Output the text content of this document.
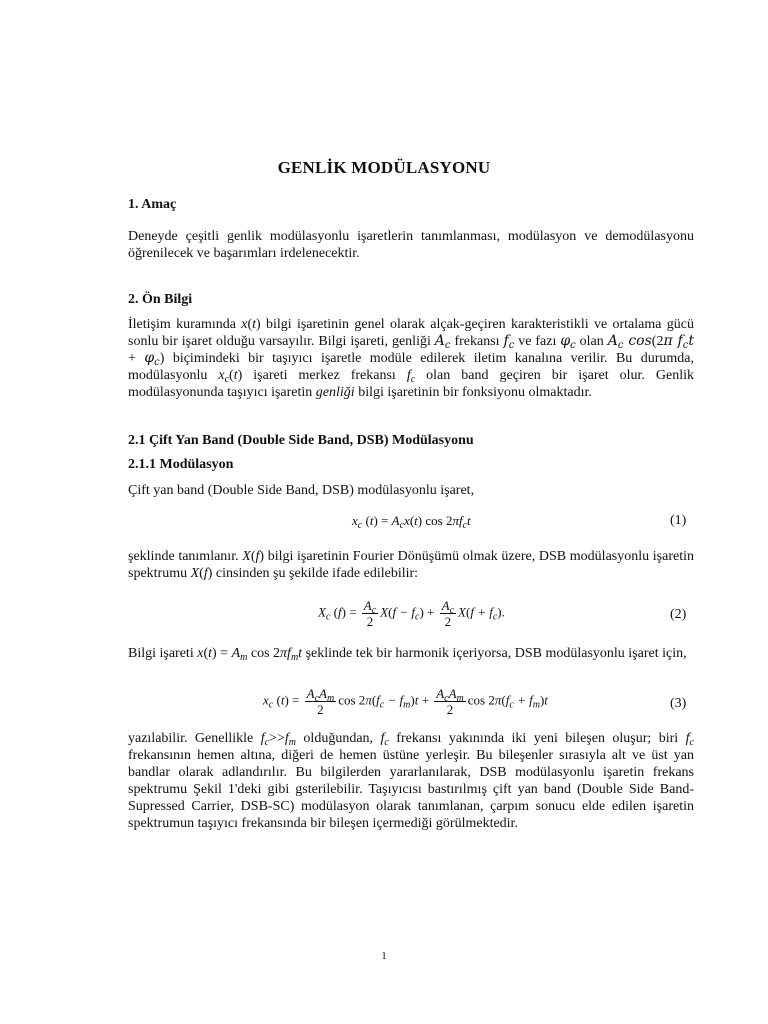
GENLİK MODÜLASYONU
1. Amaç
Deneyde çeşitli genlik modülasyonlu işaretlerin tanımlanması, modülasyon ve demodülasyonu öğrenilecek ve başarımları irdelenecektir.
2. Ön Bilgi
İletişim kuramında x(t) bilgi işaretinin genel olarak alçak-geçiren karakteristikli ve ortalama gücü sonlu bir işaret olduğu varsayılır. Bilgi işareti, genliği $A_c$ frekansı $f_c$ ve fazı $\varphi_c$ olan $A_c$ cos(2π $f_ct + \varphi_c$) biçimindeki bir taşıyıcı işaretle modüle edilerek iletim kanalına verilir. Bu durumda, modülasyonlu $x_c(t)$ işareti merkez frekansı $f_c$ olan band geçiren bir işaret olur. Genlik modülasyonunda taşıyıcı işaretin genliği bilgi işaretinin bir fonksiyonu olmaktadır.
2.1 Çift Yan Band (Double Side Band, DSB) Modülasyonu
2.1.1 Modülasyon
Çift yan band (Double Side Band, DSB) modülasyonlu işaret,
$x_c$ $(t) = A_cx(t)$ $\cos 2\pi f_ct$	(1)
şeklinde tanımlanır. X(f) bilgi işaretinin Fourier Dönüşümü olmak üzere, DSB modülasyonlu işaretin spektrumu X(f) cinsinden şu şekilde ifade edilebilir:
$X_c$ $(f) = \frac{A_c}{2} X(f - f_c) + \frac{A_c}{2} X(f + f_c)$.	(2)
Bilgi işareti $x(t) = A_m$ $\cos 2\pi f_mt$ şeklinde tek bir harmonik içeriyorsa, DSB modülasyonlu işaret için,
$x_c$ $(t) = \frac{A_cA_m}{2}$ $\cos 2\pi(f_c - f_m)t + \frac{A_cA_m}{2}$ $\cos 2\pi(f_c + f_m)t$	(3)
yazılabilir. Genellikle $f_c>>f_m$ olduğundan, $f_c$ frekansı yakınında iki yeni bileşen oluşur; biri $f_c$ frekansının hemen altına, diğeri de hemen üstüne yerleşir. Bu bileşenler sırasıyla alt ve üst yan bandlar olarak adlandırılır. Bu bilgilerden yararlanılarak, DSB modülasyonlu işaretin frekans spektrumu Şekil 1'deki gibi gsterilebilir. Taşıyıcısı bastırılmış çift yan band (Double Side Band-Supressed Carrier, DSB-SC) modülasyon olarak tanımlanan, çarpım sonucu elde edilen işaretin spektrumun taşıyıcı frekansında bir bileşen içermediği görülmektedir.
1
